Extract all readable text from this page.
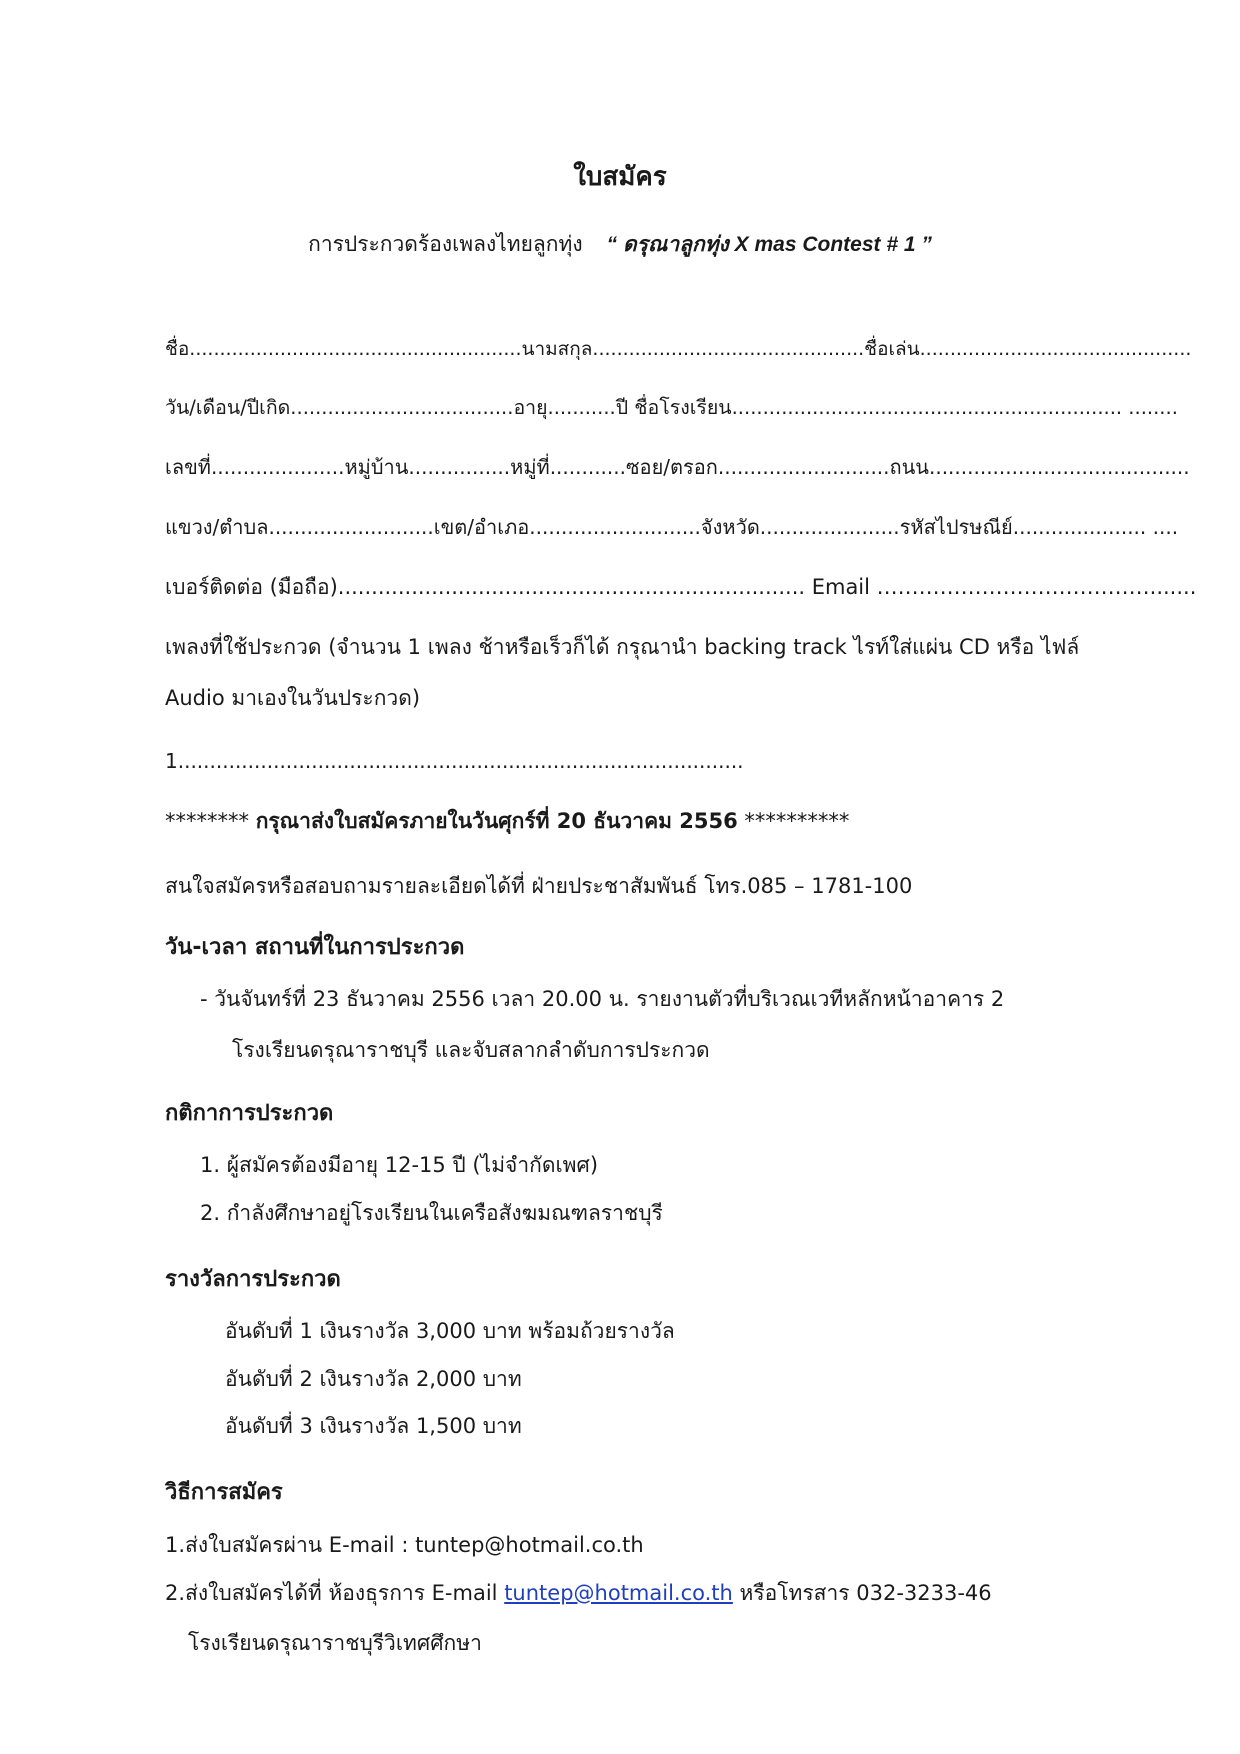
ใบสมัคร
การประกวดร้องเพลงไทยลูกทุ่ง “ ดรุณาลูกทุ่ง X mas Contest # 1 ”
ชื่อ.......................................................นามสกุล.............................................ชื่อเล่น.............................................
วัน/เดือน/ปีเกิด....................................อายุ...........ปี ชื่อโรงเรียน............................................................... ........
เลขที่.....................หมู่บ้าน................หมู่ที่............ซอย/ตรอก...........................ถนน.........................................
แขวง/ตำบล..........................เขต/อำเภอ...........................จังหวัด......................รหัสไปรษณีย์..................... ....
เบอร์ติดต่อ (มือถือ)...................................................................... Email ………………………………….......
เพลงที่ใช้ประกวด (จำนวน 1 เพลง ช้าหรือเร็วก็ได้ กรุณานำ backing track ไรท์ใส่แผ่น CD หรือ ไฟล์
Audio มาเองในวันประกวด)
1.........................................................................................
******** กรุณาส่งใบสมัครภายในวันศุกร์ที่ 20 ธันวาคม 2556 **********
สนใจสมัครหรือสอบถามรายละเอียดได้ที่ ฝ่ายประชาสัมพันธ์ โทร.085 – 1781-100
วัน-เวลา สถานที่ในการประกวด
- วันจันทร์ที่ 23 ธันวาคม 2556 เวลา 20.00 น. รายงานตัวที่บริเวณเวทีหลักหน้าอาคาร 2
โรงเรียนดรุณาราชบุรี และจับสลากลำดับการประกวด
กติกาการประกวด
1. ผู้สมัครต้องมีอายุ 12-15 ปี (ไม่จำกัดเพศ)
2. กำลังศึกษาอยู่โรงเรียนในเครือสังฆมณฑลราชบุรี
รางวัลการประกวด
อันดับที่ 1 เงินรางวัล 3,000 บาท พร้อมถ้วยรางวัล
อันดับที่ 2 เงินรางวัล 2,000 บาท
อันดับที่ 3 เงินรางวัล 1,500 บาท
วิธีการสมัคร
1.ส่งใบสมัครผ่าน E-mail : tuntep@hotmail.co.th
2.ส่งใบสมัครได้ที่ ห้องธุรการ E-mail tuntep@hotmail.co.th หรือโทรสาร 032-3233-46
โรงเรียนดรุณาราชบุรีวิเทศศึกษา
